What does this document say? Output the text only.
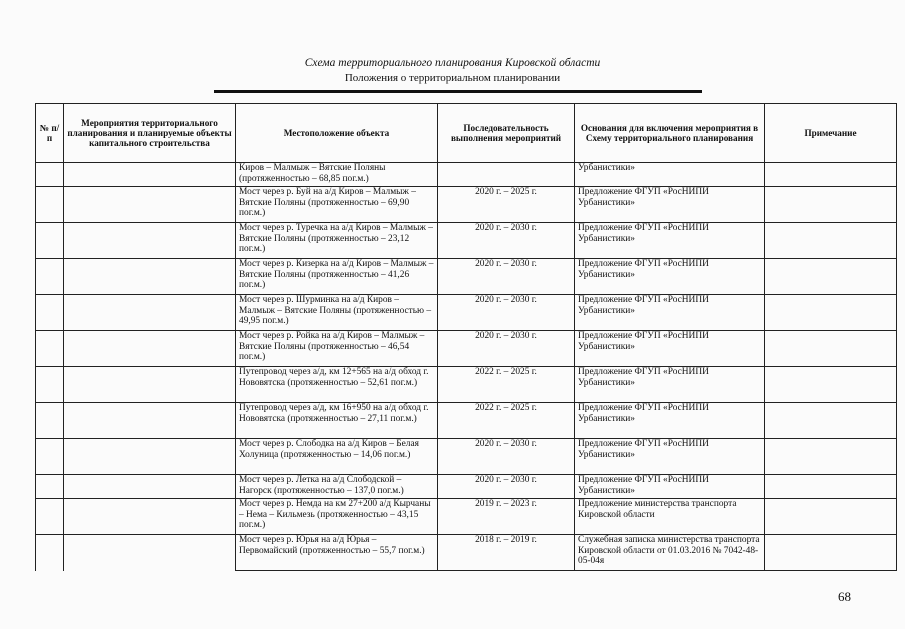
Схема территориального планирования Кировской области
Положения о территориальном планировании
№ п/п	Мероприятия территориального планирования и планируемые объекты капитального строительства	Местоположение объекта	Последовательность выполнения мероприятий	Основания для включения мероприятия в Схему территориального планирования	Примечание
		Киров – Малмыж – Вятские Поляны (протяженностью – 68,85 пог.м.)		Урбанистики»	
		Мост через р. Буй на а/д Киров – Малмыж – Вятские Поляны (протяженностью – 69,90 пог.м.)	2020 г. – 2025 г.	Предложение ФГУП «РосНИПИ Урбанистики»	
		Мост через р. Туречка на а/д Киров – Малмыж – Вятские Поляны (протяженностью – 23,12 пог.м.)	2020 г. – 2030 г.	Предложение ФГУП «РосНИПИ Урбанистики»	
		Мост через р. Кизерка на а/д Киров – Малмыж – Вятские Поляны (протяженностью – 41,26 пог.м.)	2020 г. – 2030 г.	Предложение ФГУП «РосНИПИ Урбанистики»	
		Мост через р. Шурминка на а/д Киров – Малмыж – Вятские Поляны (протяженностью – 49,95 пог.м.)	2020 г. – 2030 г.	Предложение ФГУП «РосНИПИ Урбанистики»	
		Мост через р. Ройка на а/д Киров – Малмыж – Вятские Поляны (протяженностью – 46,54 пог.м.)	2020 г. – 2030 г.	Предложение ФГУП «РосНИПИ Урбанистики»	
		Путепровод через а/д, км 12+565 на а/д обход г. Нововятска (протяженностью – 52,61 пог.м.)	2022 г. – 2025 г.	Предложение ФГУП «РосНИПИ Урбанистики»	
		Путепровод через а/д, км 16+950 на а/д обход г. Нововятска (протяженностью – 27,11 пог.м.)	2022 г. – 2025 г.	Предложение ФГУП «РосНИПИ Урбанистики»	
		Мост через р. Слободка на а/д Киров – Белая Холуница (протяженностью – 14,06 пог.м.)	2020 г. – 2030 г.	Предложение ФГУП «РосНИПИ Урбанистики»	
		Мост через р. Летка на а/д Слободской – Нагорск (протяженностью – 137,0 пог.м.)	2020 г. – 2030 г.	Предложение ФГУП «РосНИПИ Урбанистики»	
		Мост через р. Немда на км 27+200 а/д Кырчаны – Нема – Кильмезь (протяженностью – 43,15 пог.м.)	2019 г. – 2023 г.	Предложение министерства транспорта Кировской области	
		Мост через р. Юрья на а/д Юрья – Первомайский (протяженностью – 55,7 пог.м.)	2018 г. – 2019 г.	Служебная записка министерства транспорта Кировской области от 01.03.2016 № 7042-48-05-04я	
68
